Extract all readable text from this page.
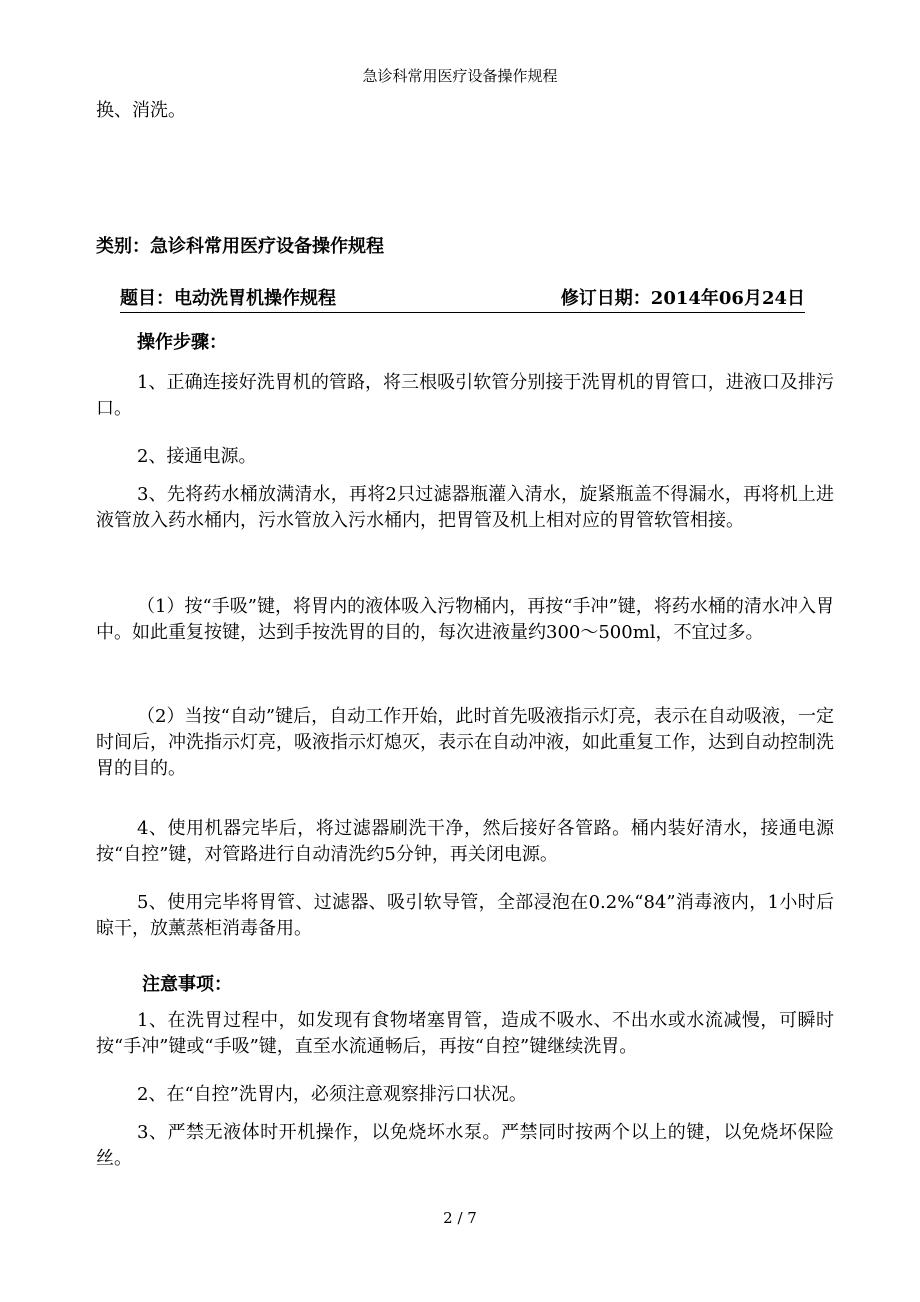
急诊科常用医疗设备操作规程

换、消洗。

类别：急诊科常用医疗设备操作规程

题目：电动洗胃机操作规程	修订日期：2014年06月24日

操作步骤：

1、正确连接好洗胃机的管路，将三根吸引软管分别接于洗胃机的胃管口，进液口及排污口。

2、接通电源。

3、先将药水桶放满清水，再将2只过滤器瓶灌入清水，旋紧瓶盖不得漏水，再将机上进液管放入药水桶内，污水管放入污水桶内，把胃管及机上相对应的胃管软管相接。

（1）按“手吸”键，将胃内的液体吸入污物桶内，再按“手冲”键，将药水桶的清水冲入胃中。如此重复按键，达到手按洗胃的目的，每次进液量约300～500ml，不宜过多。

（2）当按“自动”键后，自动工作开始，此时首先吸液指示灯亮，表示在自动吸液，一定时间后，冲洗指示灯亮，吸液指示灯熄灭，表示在自动冲液，如此重复工作，达到自动控制洗胃的目的。

4、使用机器完毕后，将过滤器刷洗干净，然后接好各管路。桶内装好清水，接通电源按“自控”键，对管路进行自动清洗约5分钟，再关闭电源。

5、使用完毕将胃管、过滤器、吸引软导管，全部浸泡在0.2%“84”消毒液内，1小时后晾干，放薰蒸柜消毒备用。

注意事项：

1、在洗胃过程中，如发现有食物堵塞胃管，造成不吸水、不出水或水流减慢，可瞬时按“手冲”键或“手吸”键，直至水流通畅后，再按“自控”键继续洗胃。

2、在“自控”洗胃内，必须注意观察排污口状况。

3、严禁无液体时开机操作，以免烧坏水泵。严禁同时按两个以上的键，以免烧坏保险丝。

2 / 7
